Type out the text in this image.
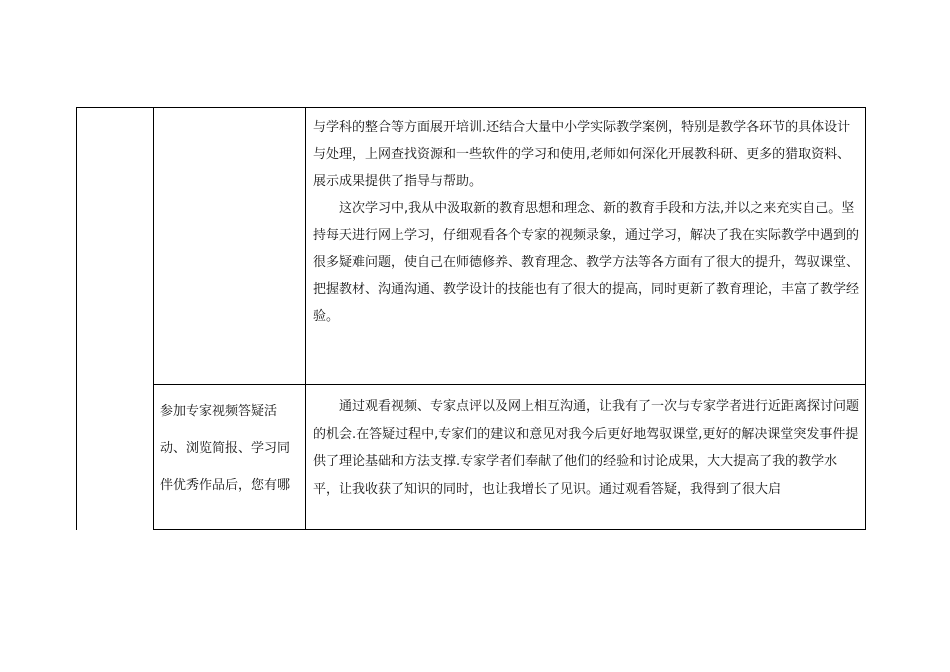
与学科的整合等方面展开培训.还结合大量中小学实际教学案例，特别是教学各环节的具体设计与处理，上网查找资源和一些软件的学习和使用,老师如何深化开展教科研、更多的猎取资料、展示成果提供了指导与帮助。

这次学习中,我从中汲取新的教育思想和理念、新的教育手段和方法,并以之来充实自己。坚持每天进行网上学习，仔细观看各个专家的视频录象，通过学习，解决了我在实际教学中遇到的很多疑难问题，使自己在师德修养、教育理念、教学方法等各方面有了很大的提升，驾驭课堂、把握教材、沟通沟通、教学设计的技能也有了很大的提高，同时更新了教育理论，丰富了教学经验。

参加专家视频答疑活动、浏览简报、学习同伴优秀作品后，您有哪

通过观看视频、专家点评以及网上相互沟通，让我有了一次与专家学者进行近距离探讨问题的机会.在答疑过程中,专家们的建议和意见对我今后更好地驾驭课堂,更好的解决课堂突发事件提供了理论基础和方法支撑.专家学者们奉献了他们的经验和讨论成果，大大提高了我的教学水平，让我收获了知识的同时，也让我增长了见识。通过观看答疑，我得到了很大启
